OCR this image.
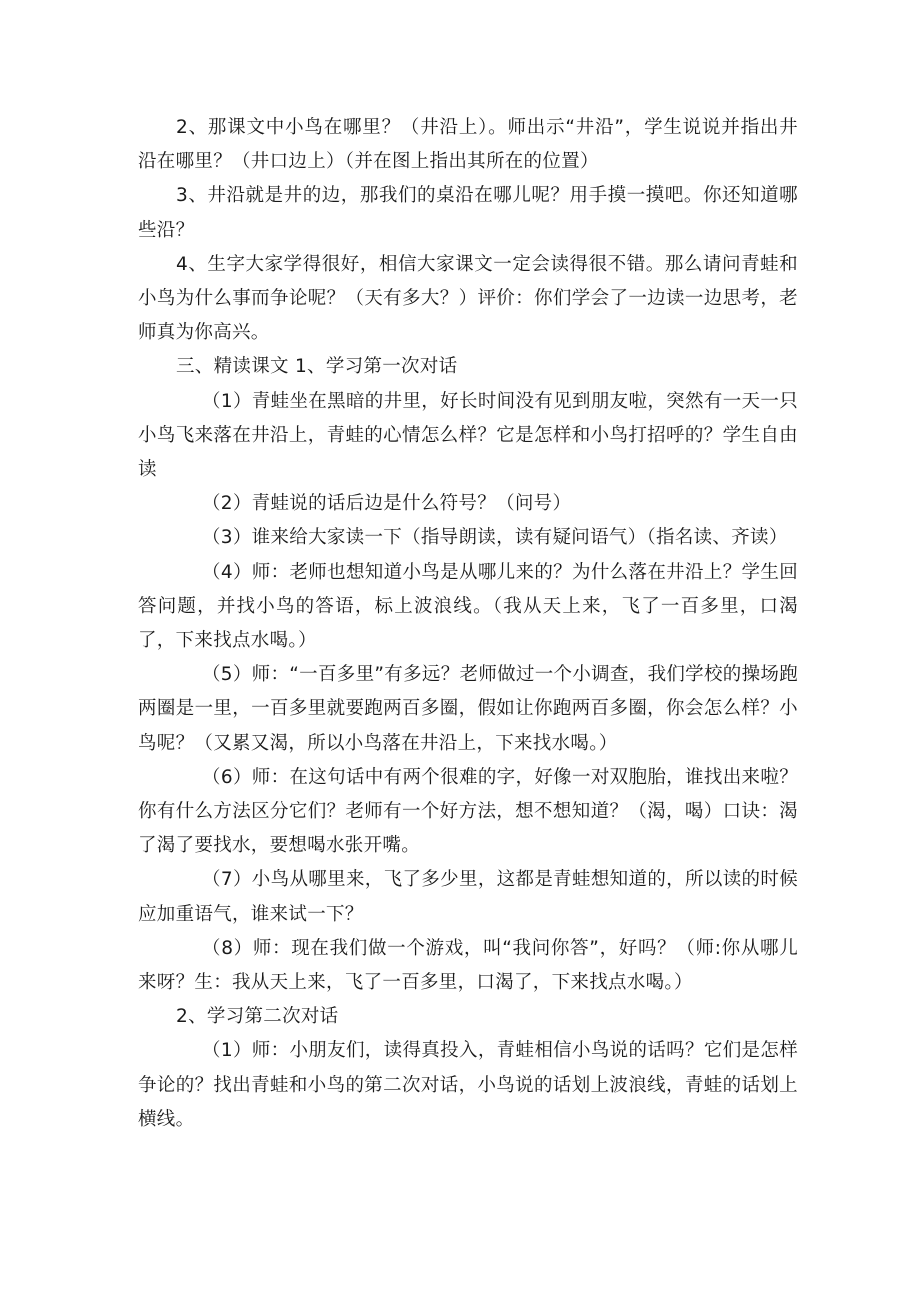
2、那课文中小鸟在哪里？（井沿上）。师出示“井沿”，学生说说并指出井沿在哪里？（井口边上）（并在图上指出其所在的位置）

3、井沿就是井的边，那我们的桌沿在哪儿呢？用手摸一摸吧。你还知道哪些沿？

4、生字大家学得很好，相信大家课文一定会读得很不错。那么请问青蛙和小鸟为什么事而争论呢？（天有多大？）评价：你们学会了一边读一边思考，老师真为你高兴。

三、精读课文 1、学习第一次对话

（1）青蛙坐在黑暗的井里，好长时间没有见到朋友啦，突然有一天一只小鸟飞来落在井沿上，青蛙的心情怎么样？它是怎样和小鸟打招呼的？学生自由读

（2）青蛙说的话后边是什么符号？（问号）

（3）谁来给大家读一下（指导朗读，读有疑问语气）（指名读、齐读）

（4）师：老师也想知道小鸟是从哪儿来的？为什么落在井沿上？学生回答问题，并找小鸟的答语，标上波浪线。（我从天上来，飞了一百多里，口渴了，下来找点水喝。）

（5）师：“一百多里”有多远？老师做过一个小调查，我们学校的操场跑两圈是一里，一百多里就要跑两百多圈，假如让你跑两百多圈，你会怎么样？小鸟呢？（又累又渴，所以小鸟落在井沿上，下来找水喝。）

（6）师：在这句话中有两个很难的字，好像一对双胞胎，谁找出来啦？你有什么方法区分它们？老师有一个好方法，想不想知道？（渴，喝）口诀：渴了渴了要找水，要想喝水张开嘴。

（7）小鸟从哪里来，飞了多少里，这都是青蛙想知道的，所以读的时候应加重语气，谁来试一下？

（8）师：现在我们做一个游戏，叫“我问你答”，好吗？（师:你从哪儿来呀？生：我从天上来，飞了一百多里，口渴了，下来找点水喝。）

2、学习第二次对话

（1）师：小朋友们，读得真投入，青蛙相信小鸟说的话吗？它们是怎样争论的？找出青蛙和小鸟的第二次对话，小鸟说的话划上波浪线，青蛙的话划上横线。
